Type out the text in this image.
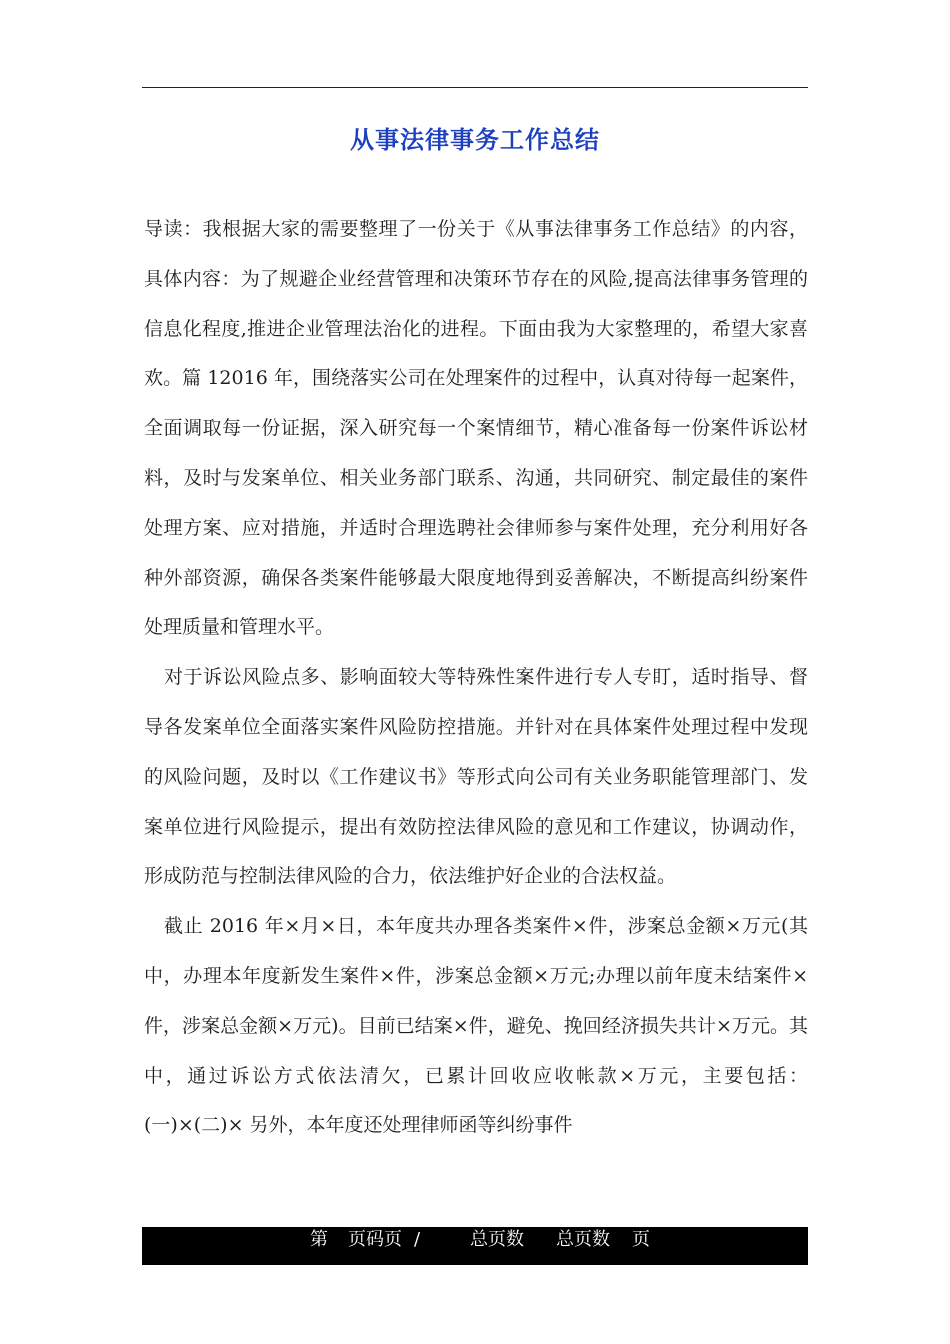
从事法律事务工作总结

导读：我根据大家的需要整理了一份关于《从事法律事务工作总结》的内容，具体内容：为了规避企业经营管理和决策环节存在的风险,提高法律事务管理的信息化程度,推进企业管理法治化的进程。下面由我为大家整理的，希望大家喜欢。篇 12016 年，围绕落实公司在处理案件的过程中，认真对待每一起案件，全面调取每一份证据，深入研究每一个案情细节，精心准备每一份案件诉讼材料，及时与发案单位、相关业务部门联系、沟通，共同研究、制定最佳的案件处理方案、应对措施，并适时合理选聘社会律师参与案件处理，充分利用好各种外部资源，确保各类案件能够最大限度地得到妥善解决，不断提高纠纷案件处理质量和管理水平。

对于诉讼风险点多、影响面较大等特殊性案件进行专人专盯，适时指导、督导各发案单位全面落实案件风险防控措施。并针对在具体案件处理过程中发现的风险问题，及时以《工作建议书》等形式向公司有关业务职能管理部门、发案单位进行风险提示，提出有效防控法律风险的意见和工作建议，协调动作，形成防范与控制法律风险的合力，依法维护好企业的合法权益。

截止 2016 年×月×日，本年度共办理各类案件×件，涉案总金额×万元(其中，办理本年度新发生案件×件，涉案总金额×万元;办理以前年度未结案件×件，涉案总金额×万元)。目前已结案×件，避免、挽回经济损失共计×万元。其中，通过诉讼方式依法清欠，已累计回收应收帐款×万元，主要包括：(一)×(二)× 另外，本年度还处理律师函等纠纷事件

第 页码页 /	总页数 总页数 页
